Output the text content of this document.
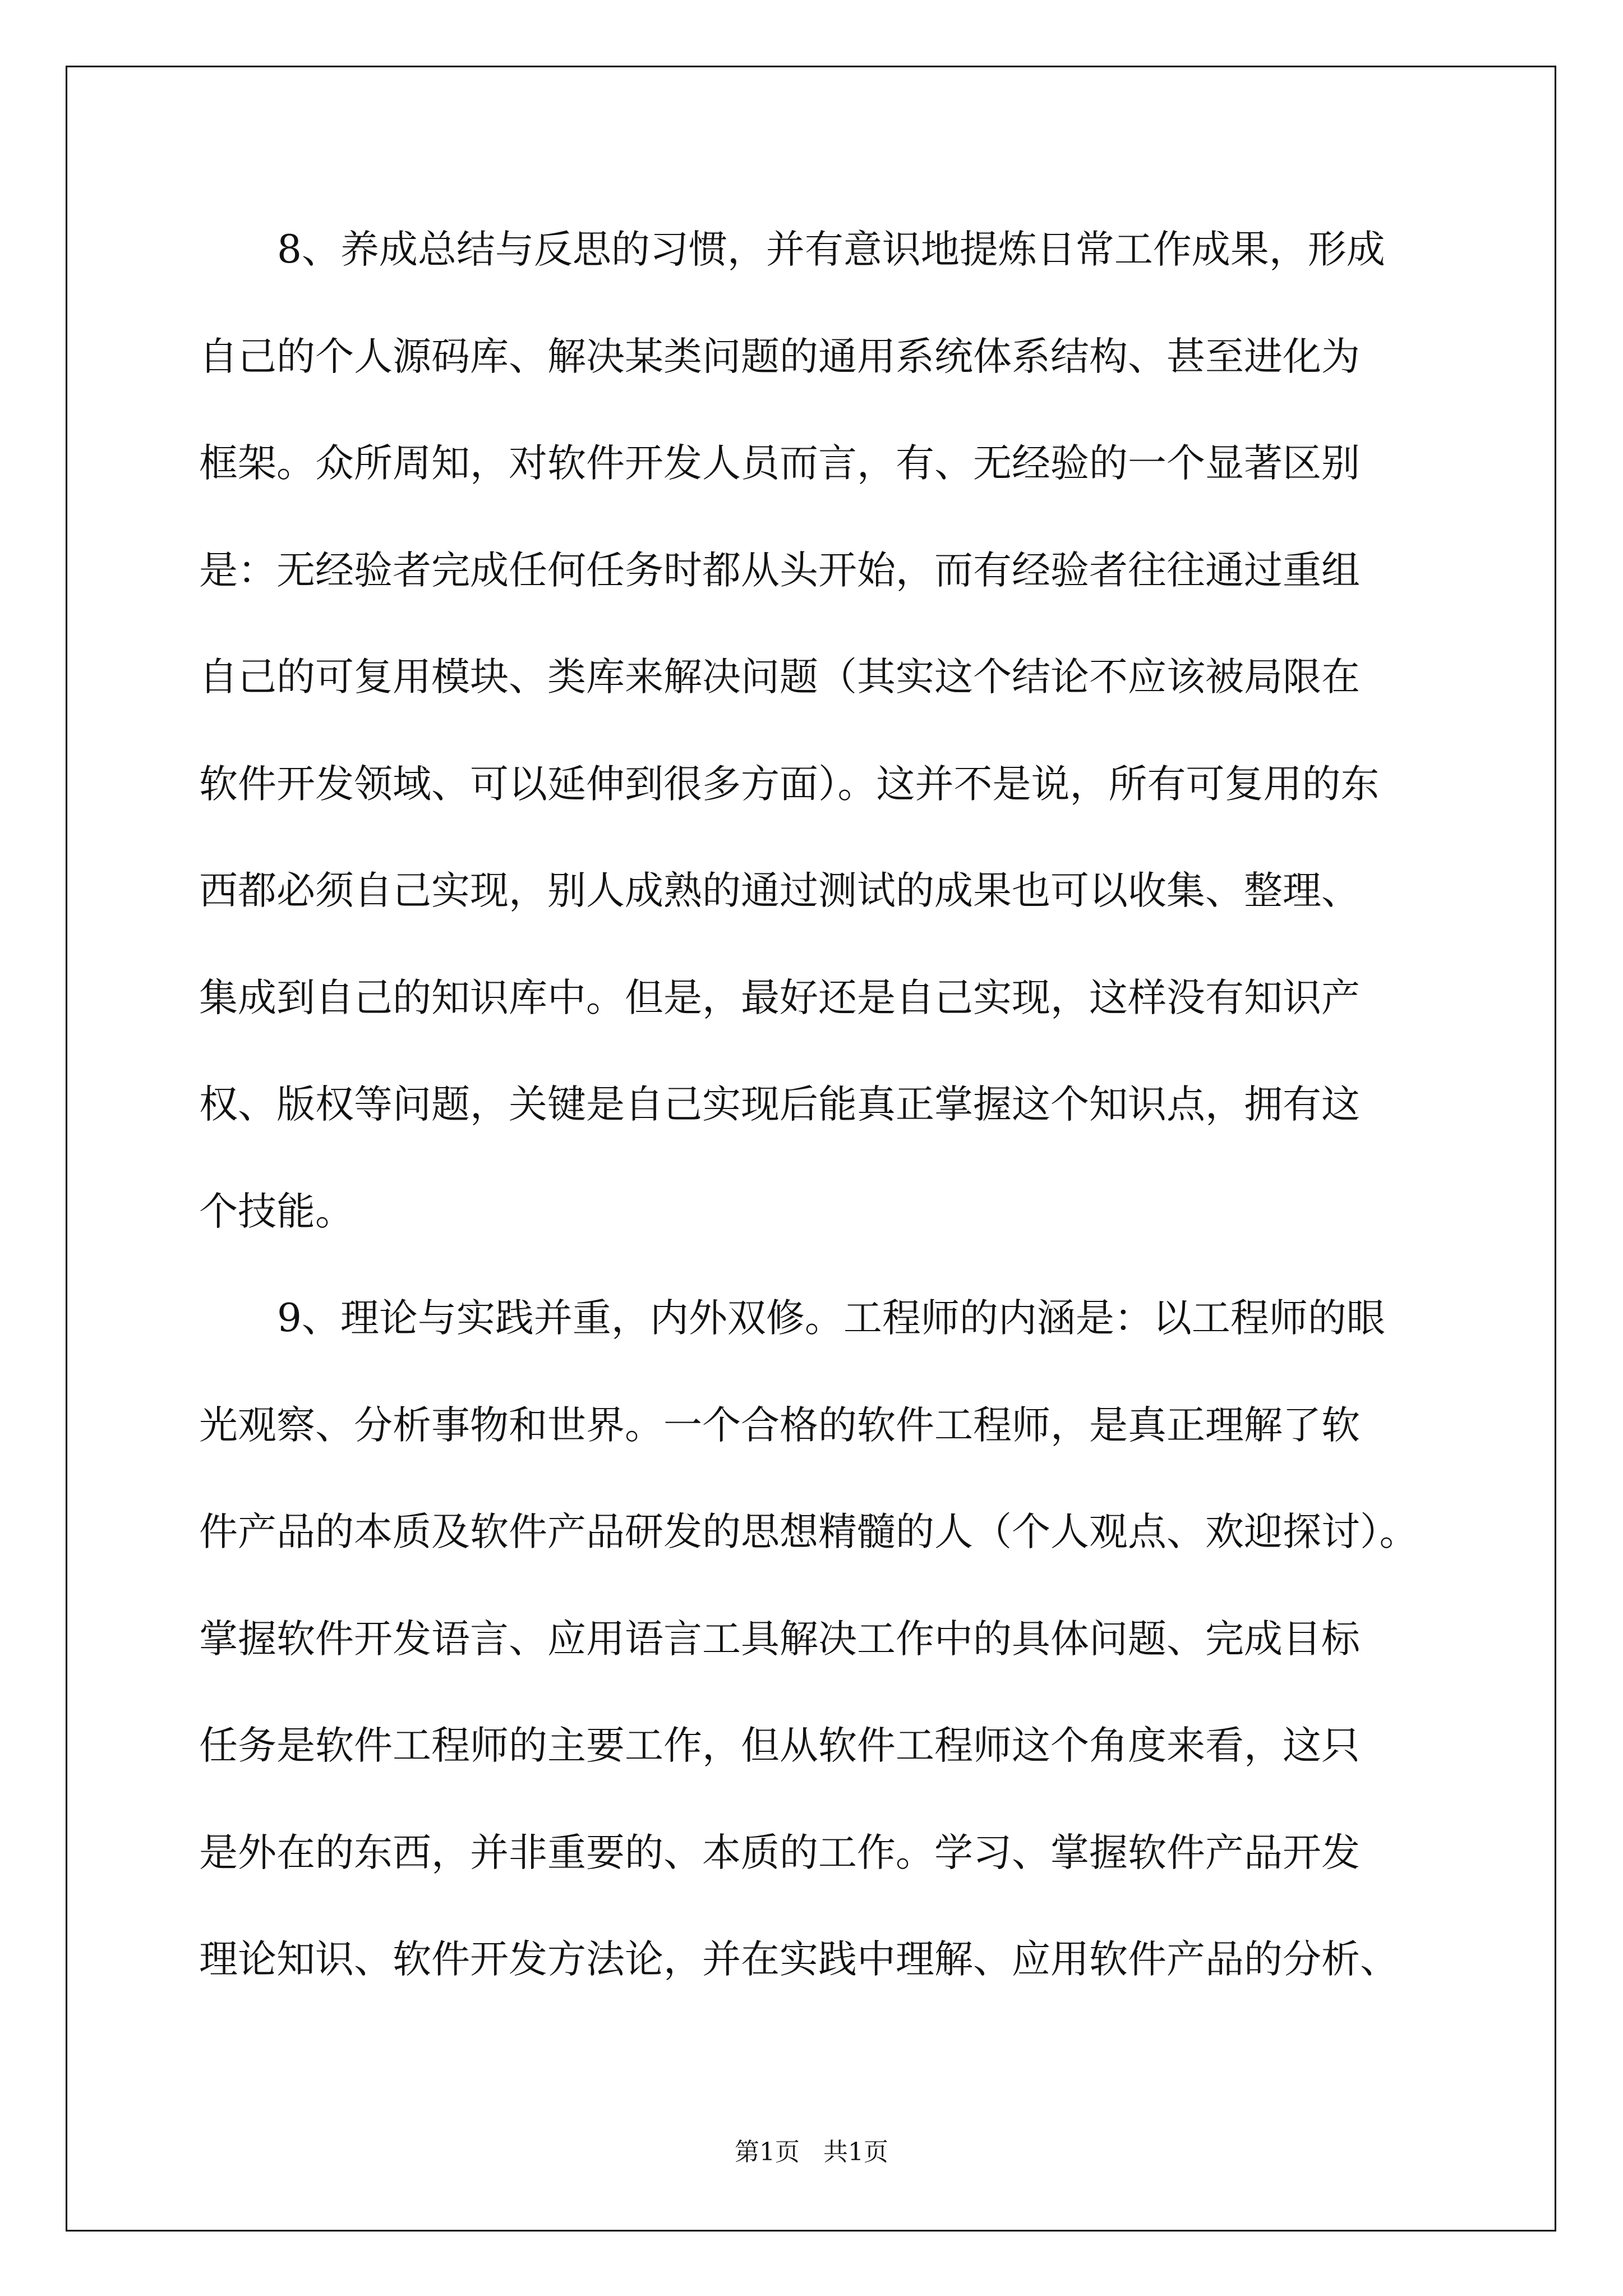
8、养成总结与反思的习惯，并有意识地提炼日常工作成果，形成
自己的个人源码库、解决某类问题的通用系统体系结构、甚至进化为
框架。众所周知，对软件开发人员而言，有、无经验的一个显著区别
是：无经验者完成任何任务时都从头开始，而有经验者往往通过重组
自己的可复用模块、类库来解决问题（其实这个结论不应该被局限在
软件开发领域、可以延伸到很多方面）。这并不是说，所有可复用的东
西都必须自己实现，别人成熟的通过测试的成果也可以收集、整理、
集成到自己的知识库中。但是，最好还是自己实现，这样没有知识产
权、版权等问题，关键是自己实现后能真正掌握这个知识点，拥有这
个技能。
9、理论与实践并重，内外双修。工程师的内涵是：以工程师的眼
光观察、分析事物和世界。一个合格的软件工程师，是真正理解了软
件产品的本质及软件产品研发的思想精髓的人（个人观点、欢迎探讨）。
掌握软件开发语言、应用语言工具解决工作中的具体问题、完成目标
任务是软件工程师的主要工作，但从软件工程师这个角度来看，这只
是外在的东西，并非重要的、本质的工作。学习、掌握软件产品开发
理论知识、软件开发方法论，并在实践中理解、应用软件产品的分析、
第1页   共1页
